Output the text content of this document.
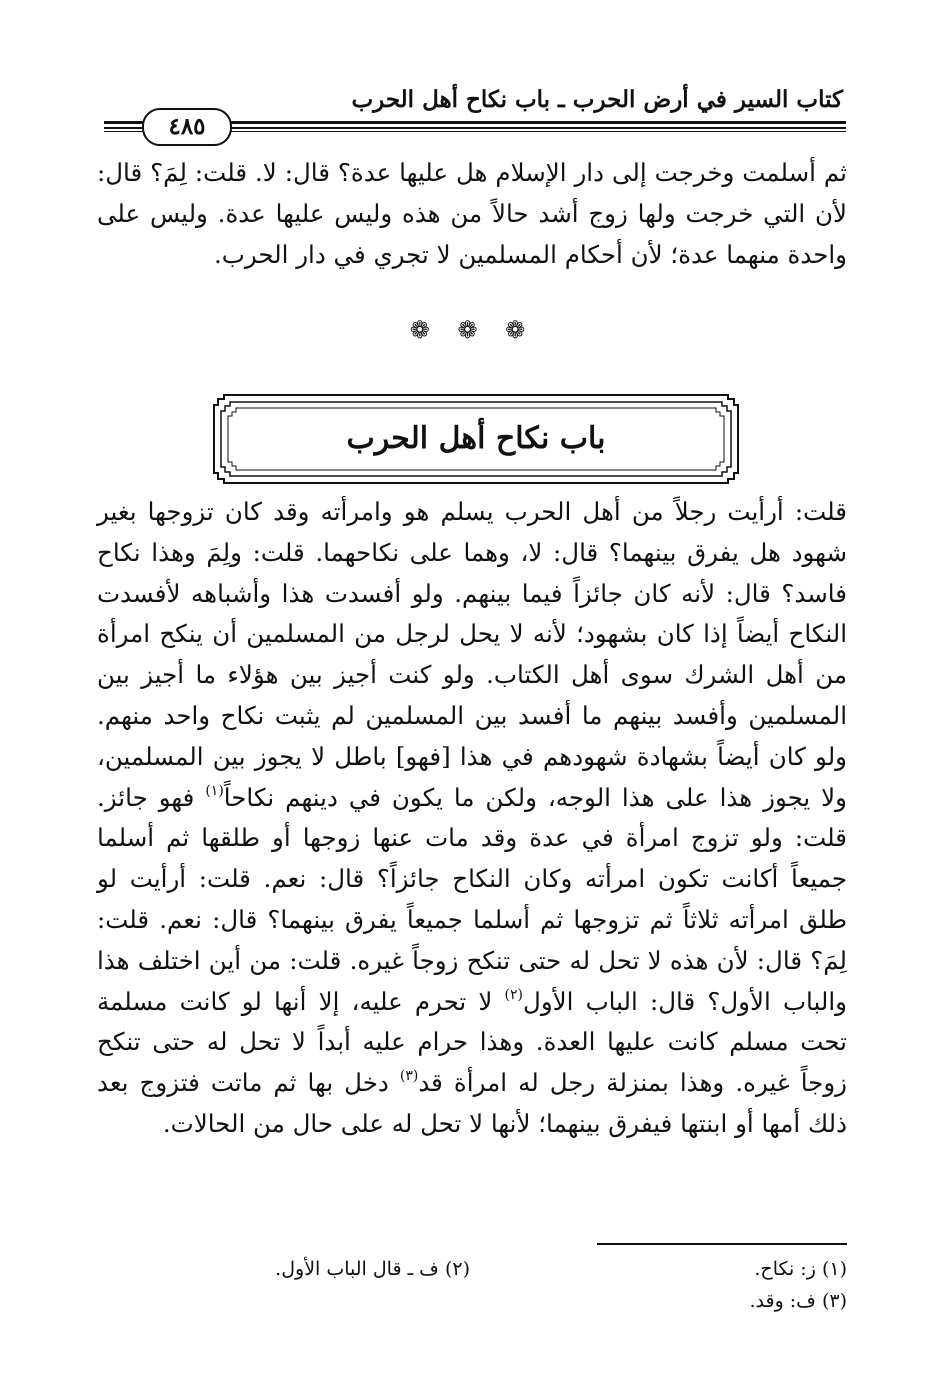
كتاب السير في أرض الحرب ـ باب نكاح أهل الحرب
٤٨٥

ثم أسلمت وخرجت إلى دار الإسلام هل عليها عدة؟ قال: لا. قلت: لِمَ؟ قال: لأن التي خرجت ولها زوج أشد حالاً من هذه وليس عليها عدة. وليس على واحدة منهما عدة؛ لأن أحكام المسلمين لا تجري في دار الحرب.

❁ ❁ ❁
باب نكاح أهل الحرب

قلت: أرأيت رجلاً من أهل الحرب يسلم هو وامرأته وقد كان تزوجها بغير شهود هل يفرق بينهما؟ قال: لا، وهما على نكاحهما. قلت: ولِمَ وهذا نكاح فاسد؟ قال: لأنه كان جائزاً فيما بينهم. ولو أفسدت هذا وأشباهه لأفسدت النكاح أيضاً إذا كان بشهود؛ لأنه لا يحل لرجل من المسلمين أن ينكح امرأة من أهل الشرك سوى أهل الكتاب. ولو كنت أجيز بين هؤلاء ما أجيز بين المسلمين وأفسد بينهم ما أفسد بين المسلمين لم يثبت نكاح واحد منهم. ولو كان أيضاً بشهادة شهودهم في هذا [فهو] باطل لا يجوز بين المسلمين، ولا يجوز هذا على هذا الوجه، ولكن ما يكون في دينهم نكاحاً$^{(١)}$ فهو جائز. قلت: ولو تزوج امرأة في عدة وقد مات عنها زوجها أو طلقها ثم أسلما جميعاً أكانت تكون امرأته وكان النكاح جائزاً؟ قال: نعم. قلت: أرأيت لو طلق امرأته ثلاثاً ثم تزوجها ثم أسلما جميعاً يفرق بينهما؟ قال: نعم. قلت: لِمَ؟ قال: لأن هذه لا تحل له حتى تنكح زوجاً غيره. قلت: من أين اختلف هذا والباب الأول؟ قال: الباب الأول$^{(٢)}$ لا تحرم عليه، إلا أنها لو كانت مسلمة تحت مسلم كانت عليها العدة. وهذا حرام عليه أبداً لا تحل له حتى تنكح زوجاً غيره. وهذا بمنزلة رجل له امرأة قد$^{(٣)}$ دخل بها ثم ماتت فتزوج بعد ذلك أمها أو ابنتها فيفرق بينهما؛ لأنها لا تحل له على حال من الحالات.

(١) ز: نكاح.
(٢) ف ـ قال الباب الأول.
(٣) ف: وقد.
